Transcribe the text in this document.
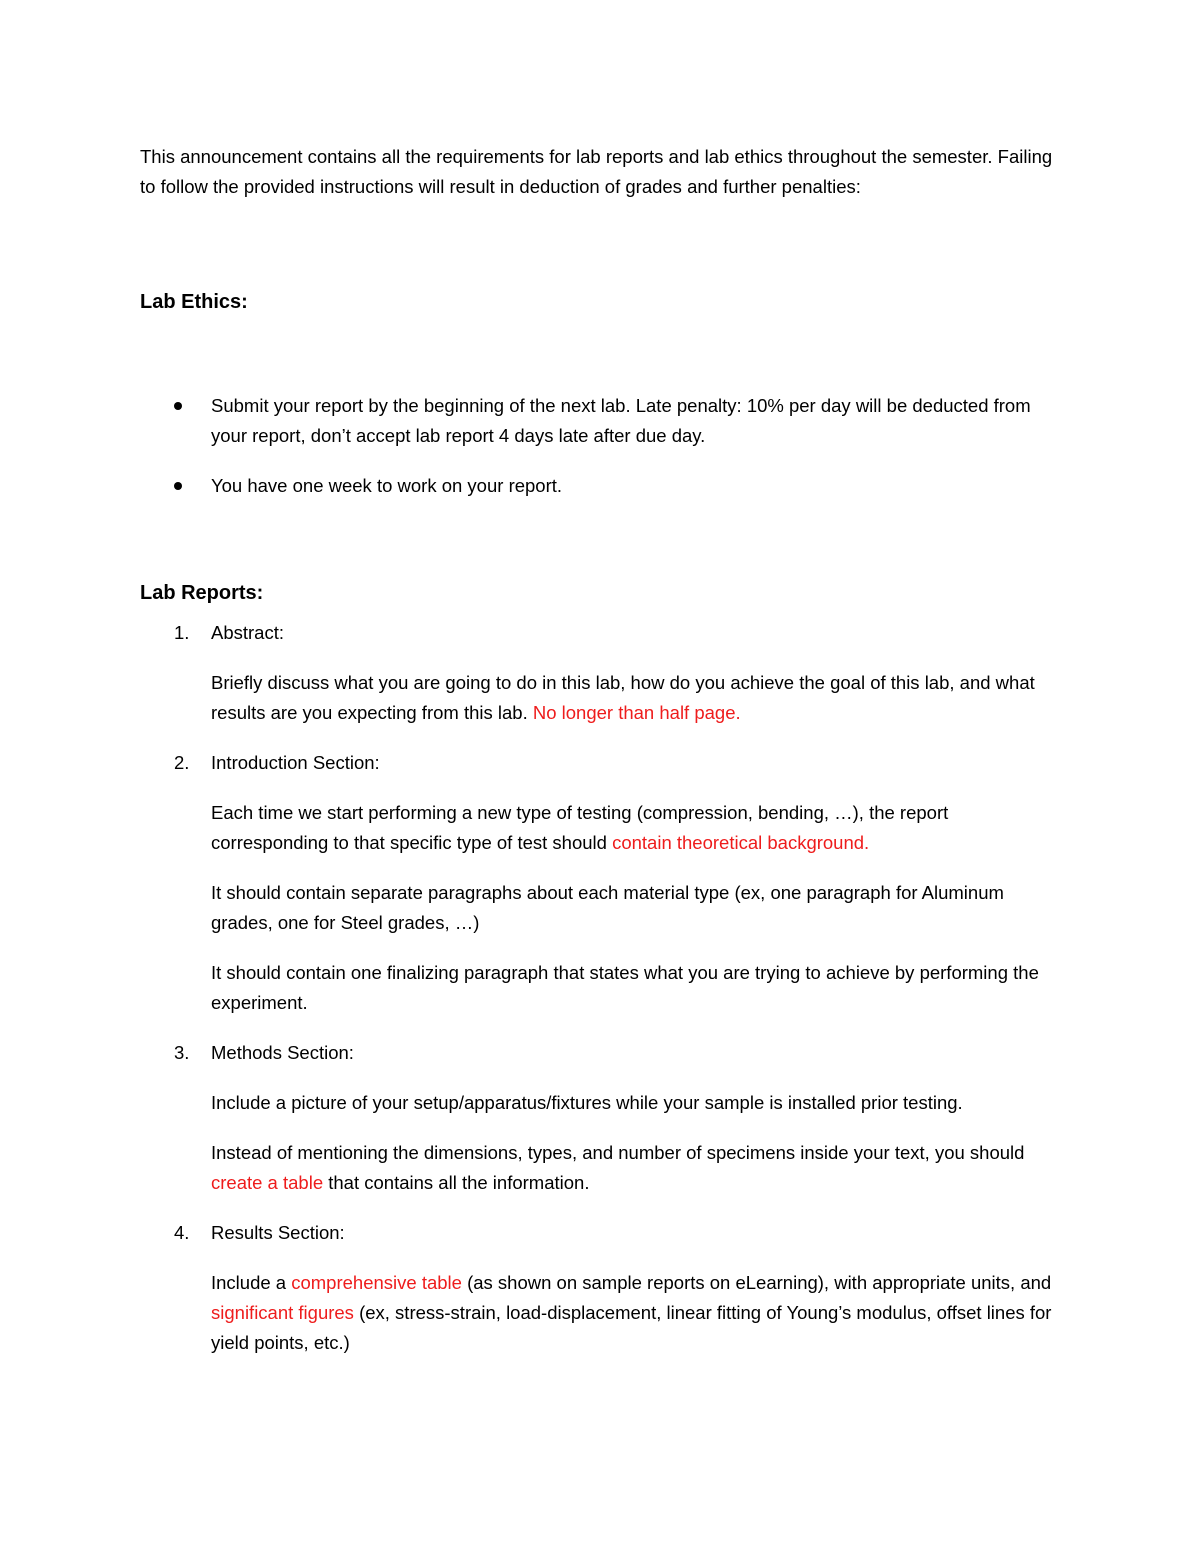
This announcement contains all the requirements for lab reports and lab ethics throughout the semester. Failing to follow the provided instructions will result in deduction of grades and further penalties:

Lab Ethics:
Submit your report by the beginning of the next lab. Late penalty: 10% per day will be deducted from your report, don’t accept lab report 4 days late after due day.
You have one week to work on your report.
Lab Reports:
1. Abstract:

Briefly discuss what you are going to do in this lab, how do you achieve the goal of this lab, and what results are you expecting from this lab. No longer than half page.

2. Introduction Section:

Each time we start performing a new type of testing (compression, bending, …), the report corresponding to that specific type of test should contain theoretical background.

It should contain separate paragraphs about each material type (ex, one paragraph for Aluminum grades, one for Steel grades, …)

It should contain one finalizing paragraph that states what you are trying to achieve by performing the experiment.

3. Methods Section:

Include a picture of your setup/apparatus/fixtures while your sample is installed prior testing.

Instead of mentioning the dimensions, types, and number of specimens inside your text, you should create a table that contains all the information.

4. Results Section:

Include a comprehensive table (as shown on sample reports on eLearning), with appropriate units, and significant figures (ex, stress-strain, load-displacement, linear fitting of Young’s modulus, offset lines for yield points, etc.)
